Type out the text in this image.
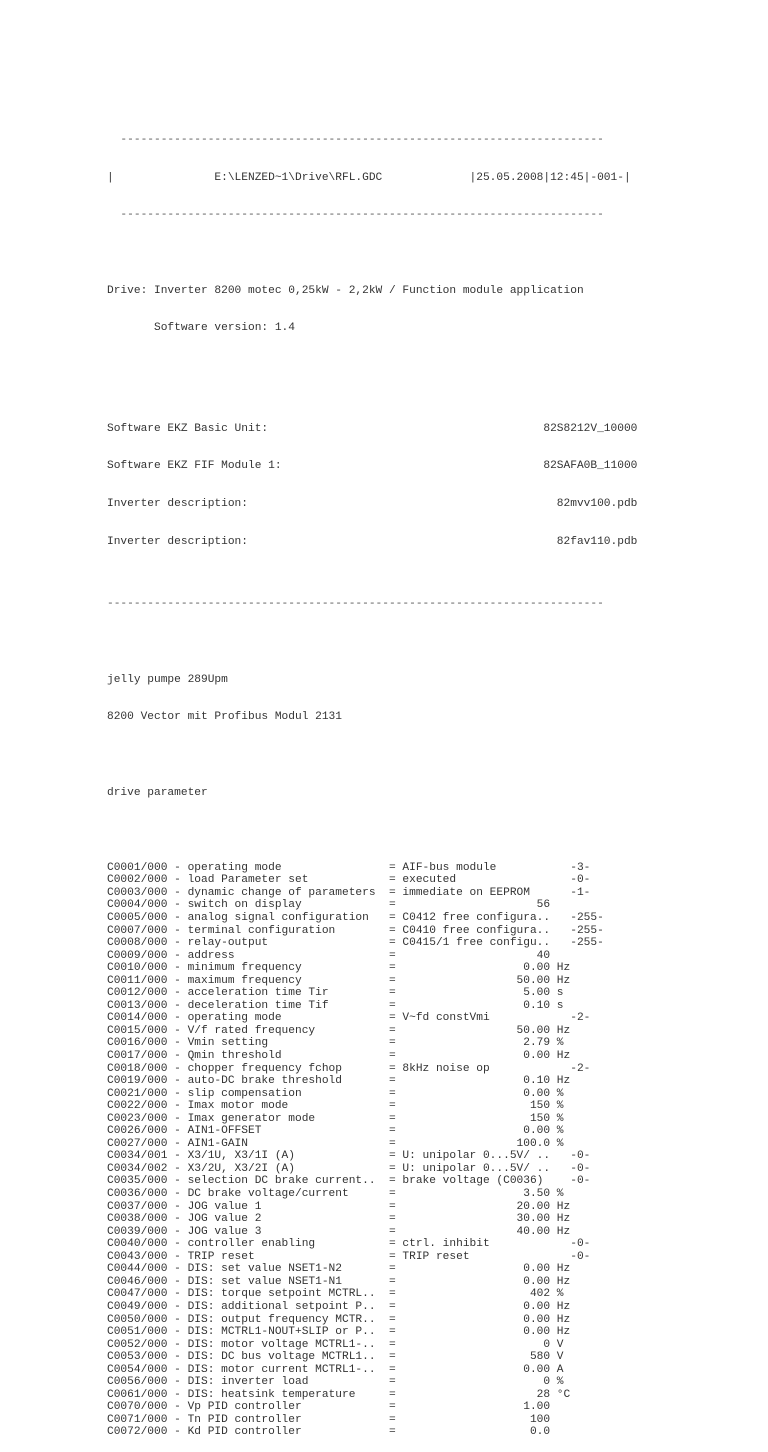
------------------------------------------------------------------------

|               E:\LENZED~1\Drive\RFL.GDC             |25.05.2008|12:45|-001-|

------------------------------------------------------------------------

Drive: Inverter 8200 motec 0,25kW - 2,2kW / Function module application

Software version: 1.4

Software EKZ Basic Unit:                                         82S8212V_10000

Software EKZ FIF Module 1:                                       82SAFA0B_11000

Inverter description:                                              82mvv100.pdb

Inverter description:                                              82fav110.pdb

--------------------------------------------------------------------------

jelly pumpe 289Upm

8200 Vector mit Profibus Modul 2131

drive parameter

C0001/000 - operating mode                = AIF-bus module           -3-
C0002/000 - load Parameter set            = executed                 -0-
C0003/000 - dynamic change of parameters  = immediate on EEPROM      -1-
C0004/000 - switch on display             =                     56
C0005/000 - analog signal configuration   = C0412 free configura..   -255-
C0007/000 - terminal configuration        = C0410 free configura..   -255-
C0008/000 - relay-output                  = C0415/1 free configu..   -255-
C0009/000 - address                       =                     40
C0010/000 - minimum frequency             =                   0.00 Hz
C0011/000 - maximum frequency             =                  50.00 Hz
C0012/000 - acceleration time Tir         =                   5.00 s
C0013/000 - deceleration time Tif         =                   0.10 s
C0014/000 - operating mode                = V~fd constVmi            -2-
C0015/000 - V/f rated frequency           =                  50.00 Hz
C0016/000 - Vmin setting                  =                   2.79 %
C0017/000 - Qmin threshold                =                   0.00 Hz
C0018/000 - chopper frequency fchop       = 8kHz noise op            -2-
C0019/000 - auto-DC brake threshold       =                   0.10 Hz
C0021/000 - slip compensation             =                   0.00 %
C0022/000 - Imax motor mode               =                    150 %
C0023/000 - Imax generator mode           =                    150 %
C0026/000 - AIN1-OFFSET                   =                   0.00 %
C0027/000 - AIN1-GAIN                     =                  100.0 %
C0034/001 - X3/1U, X3/1I (A)              = U: unipolar 0...5V/ ..   -0-
C0034/002 - X3/2U, X3/2I (A)              = U: unipolar 0...5V/ ..   -0-
C0035/000 - selection DC brake current..  = brake voltage (C0036)    -0-
C0036/000 - DC brake voltage/current      =                   3.50 %
C0037/000 - JOG value 1                   =                  20.00 Hz
C0038/000 - JOG value 2                   =                  30.00 Hz
C0039/000 - JOG value 3                   =                  40.00 Hz
C0040/000 - controller enabling           = ctrl. inhibit            -0-
C0043/000 - TRIP reset                    = TRIP reset               -0-
C0044/000 - DIS: set value NSET1-N2       =                   0.00 Hz
C0046/000 - DIS: set value NSET1-N1       =                   0.00 Hz
C0047/000 - DIS: torque setpoint MCTRL..  =                    402 %
C0049/000 - DIS: additional setpoint P..  =                   0.00 Hz
C0050/000 - DIS: output frequency MCTR..  =                   0.00 Hz
C0051/000 - DIS: MCTRL1-NOUT+SLIP or P..  =                   0.00 Hz
C0052/000 - DIS: motor voltage MCTRL1-..  =                      0 V
C0053/000 - DIS: DC bus voltage MCTRL1..  =                    580 V
C0054/000 - DIS: motor current MCTRL1-..  =                   0.00 A
C0056/000 - DIS: inverter load            =                      0 %
C0061/000 - DIS: heatsink temperature     =                     28 °C
C0070/000 - Vp PID controller             =                   1.00
C0071/000 - Tn PID controller             =                    100
C0072/000 - Kd PID controller             =                    0.0
